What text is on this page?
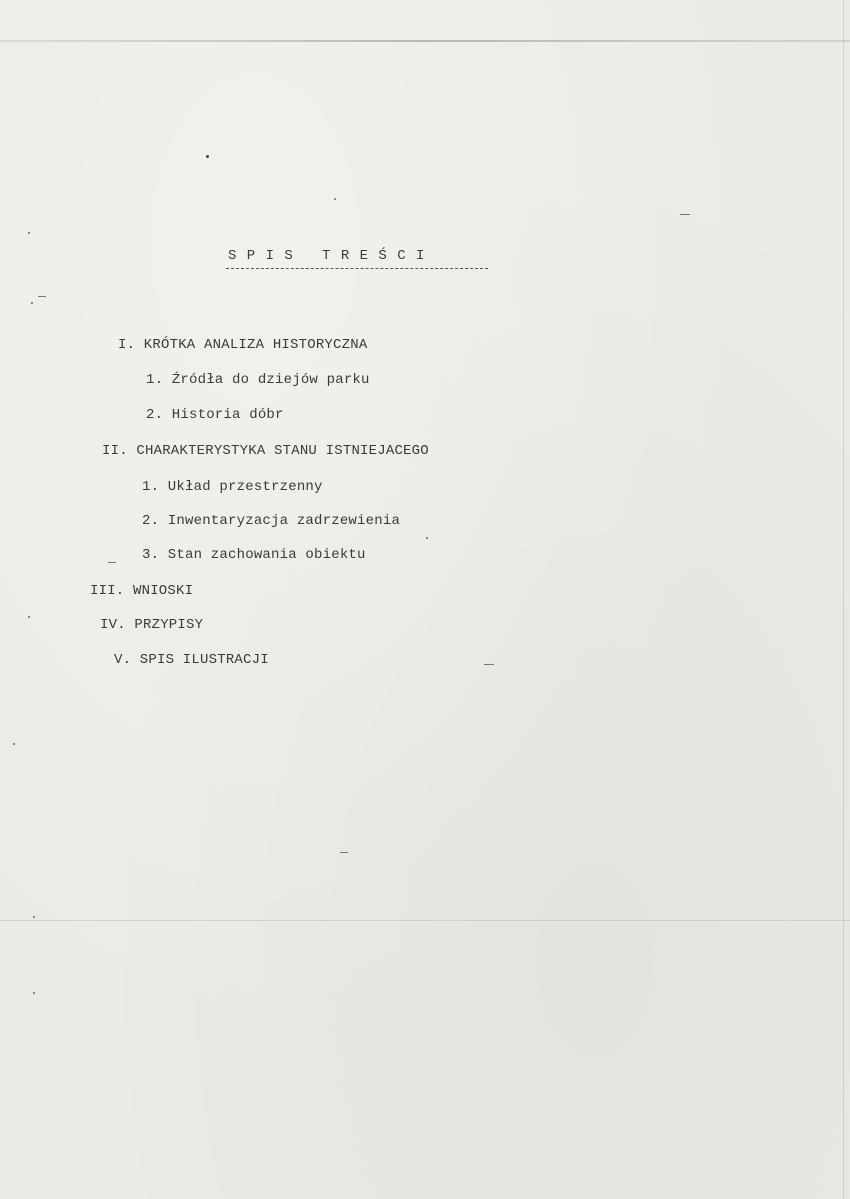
S P I S   T R E Ś C I
I. KRÓTKA ANALIZA HISTORYCZNA
1. Źródła do dziejów parku
2. Historia dóbr
II. CHARAKTERYSTYKA STANU ISTNIEJACEGO
1. Układ przestrzenny
2. Inwentaryzacja zadrzewienia
3. Stan zachowania obiektu
III. WNIOSKI
IV. PRZYPISY
V. SPIS ILUSTRACJI
